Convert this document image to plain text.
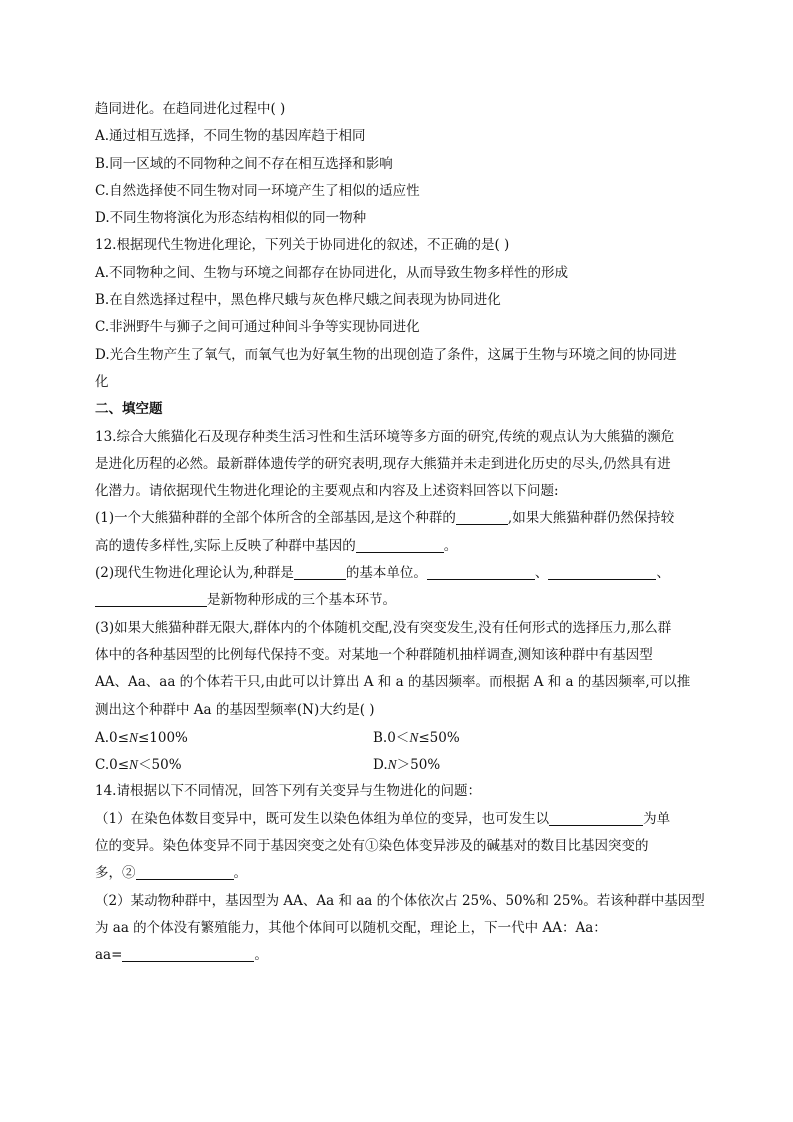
趋同进化。在趋同进化过程中( )
A.通过相互选择，不同生物的基因库趋于相同
B.同一区域的不同物种之间不存在相互选择和影响
C.自然选择使不同生物对同一环境产生了相似的适应性
D.不同生物将演化为形态结构相似的同一物种
12.根据现代生物进化理论，下列关于协同进化的叙述，不正确的是( )
A.不同物种之间、生物与环境之间都存在协同进化，从而导致生物多样性的形成
B.在自然选择过程中，黑色桦尺蛾与灰色桦尺蛾之间表现为协同进化
C.非洲野牛与狮子之间可通过种间斗争等实现协同进化
D.光合生物产生了氧气，而氧气也为好氧生物的出现创造了条件，这属于生物与环境之间的协同进
化
二、填空题
13.综合大熊猫化石及现存种类生活习性和生活环境等多方面的研究,传统的观点认为大熊猫的濒危
是进化历程的必然。最新群体遗传学的研究表明,现存大熊猫并未走到进化历史的尽头,仍然具有进
化潜力。请依据现代生物进化理论的主要观点和内容及上述资料回答以下问题:
(1)一个大熊猫种群的全部个体所含的全部基因,是这个种群的	,如果大熊猫种群仍然保持较
高的遗传多样性,实际上反映了种群中基因的	。
(2)现代生物进化理论认为,种群是	的基本单位。	、	、
是新物种形成的三个基本环节。
(3)如果大熊猫种群无限大,群体内的个体随机交配,没有突变发生,没有任何形式的选择压力,那么群
体中的各种基因型的比例每代保持不变。对某地一个种群随机抽样调查,测知该种群中有基因型
AA、Aa、aa 的个体若干只,由此可以计算出 A 和 a 的基因频率。而根据 A 和 a 的基因频率,可以推
测出这个种群中 Aa 的基因型频率(N)大约是( )
A.0≤N≤100%	B.0＜N≤50%
C.0≤N＜50%	D.N＞50%
14.请根据以下不同情况，回答下列有关变异与生物进化的问题：
（1）在染色体数目变异中，既可发生以染色体组为单位的变异，也可发生以	为单
位的变异。染色体变异不同于基因突变之处有①染色体变异涉及的碱基对的数目比基因突变的
多，②	。
（2）某动物种群中，基因型为 AA、Aa 和 aa 的个体依次占 25%、50%和 25%。若该种群中基因型
为 aa 的个体没有繁殖能力，其他个体间可以随机交配，理论上，下一代中 AA：Aa：
aa=	。
